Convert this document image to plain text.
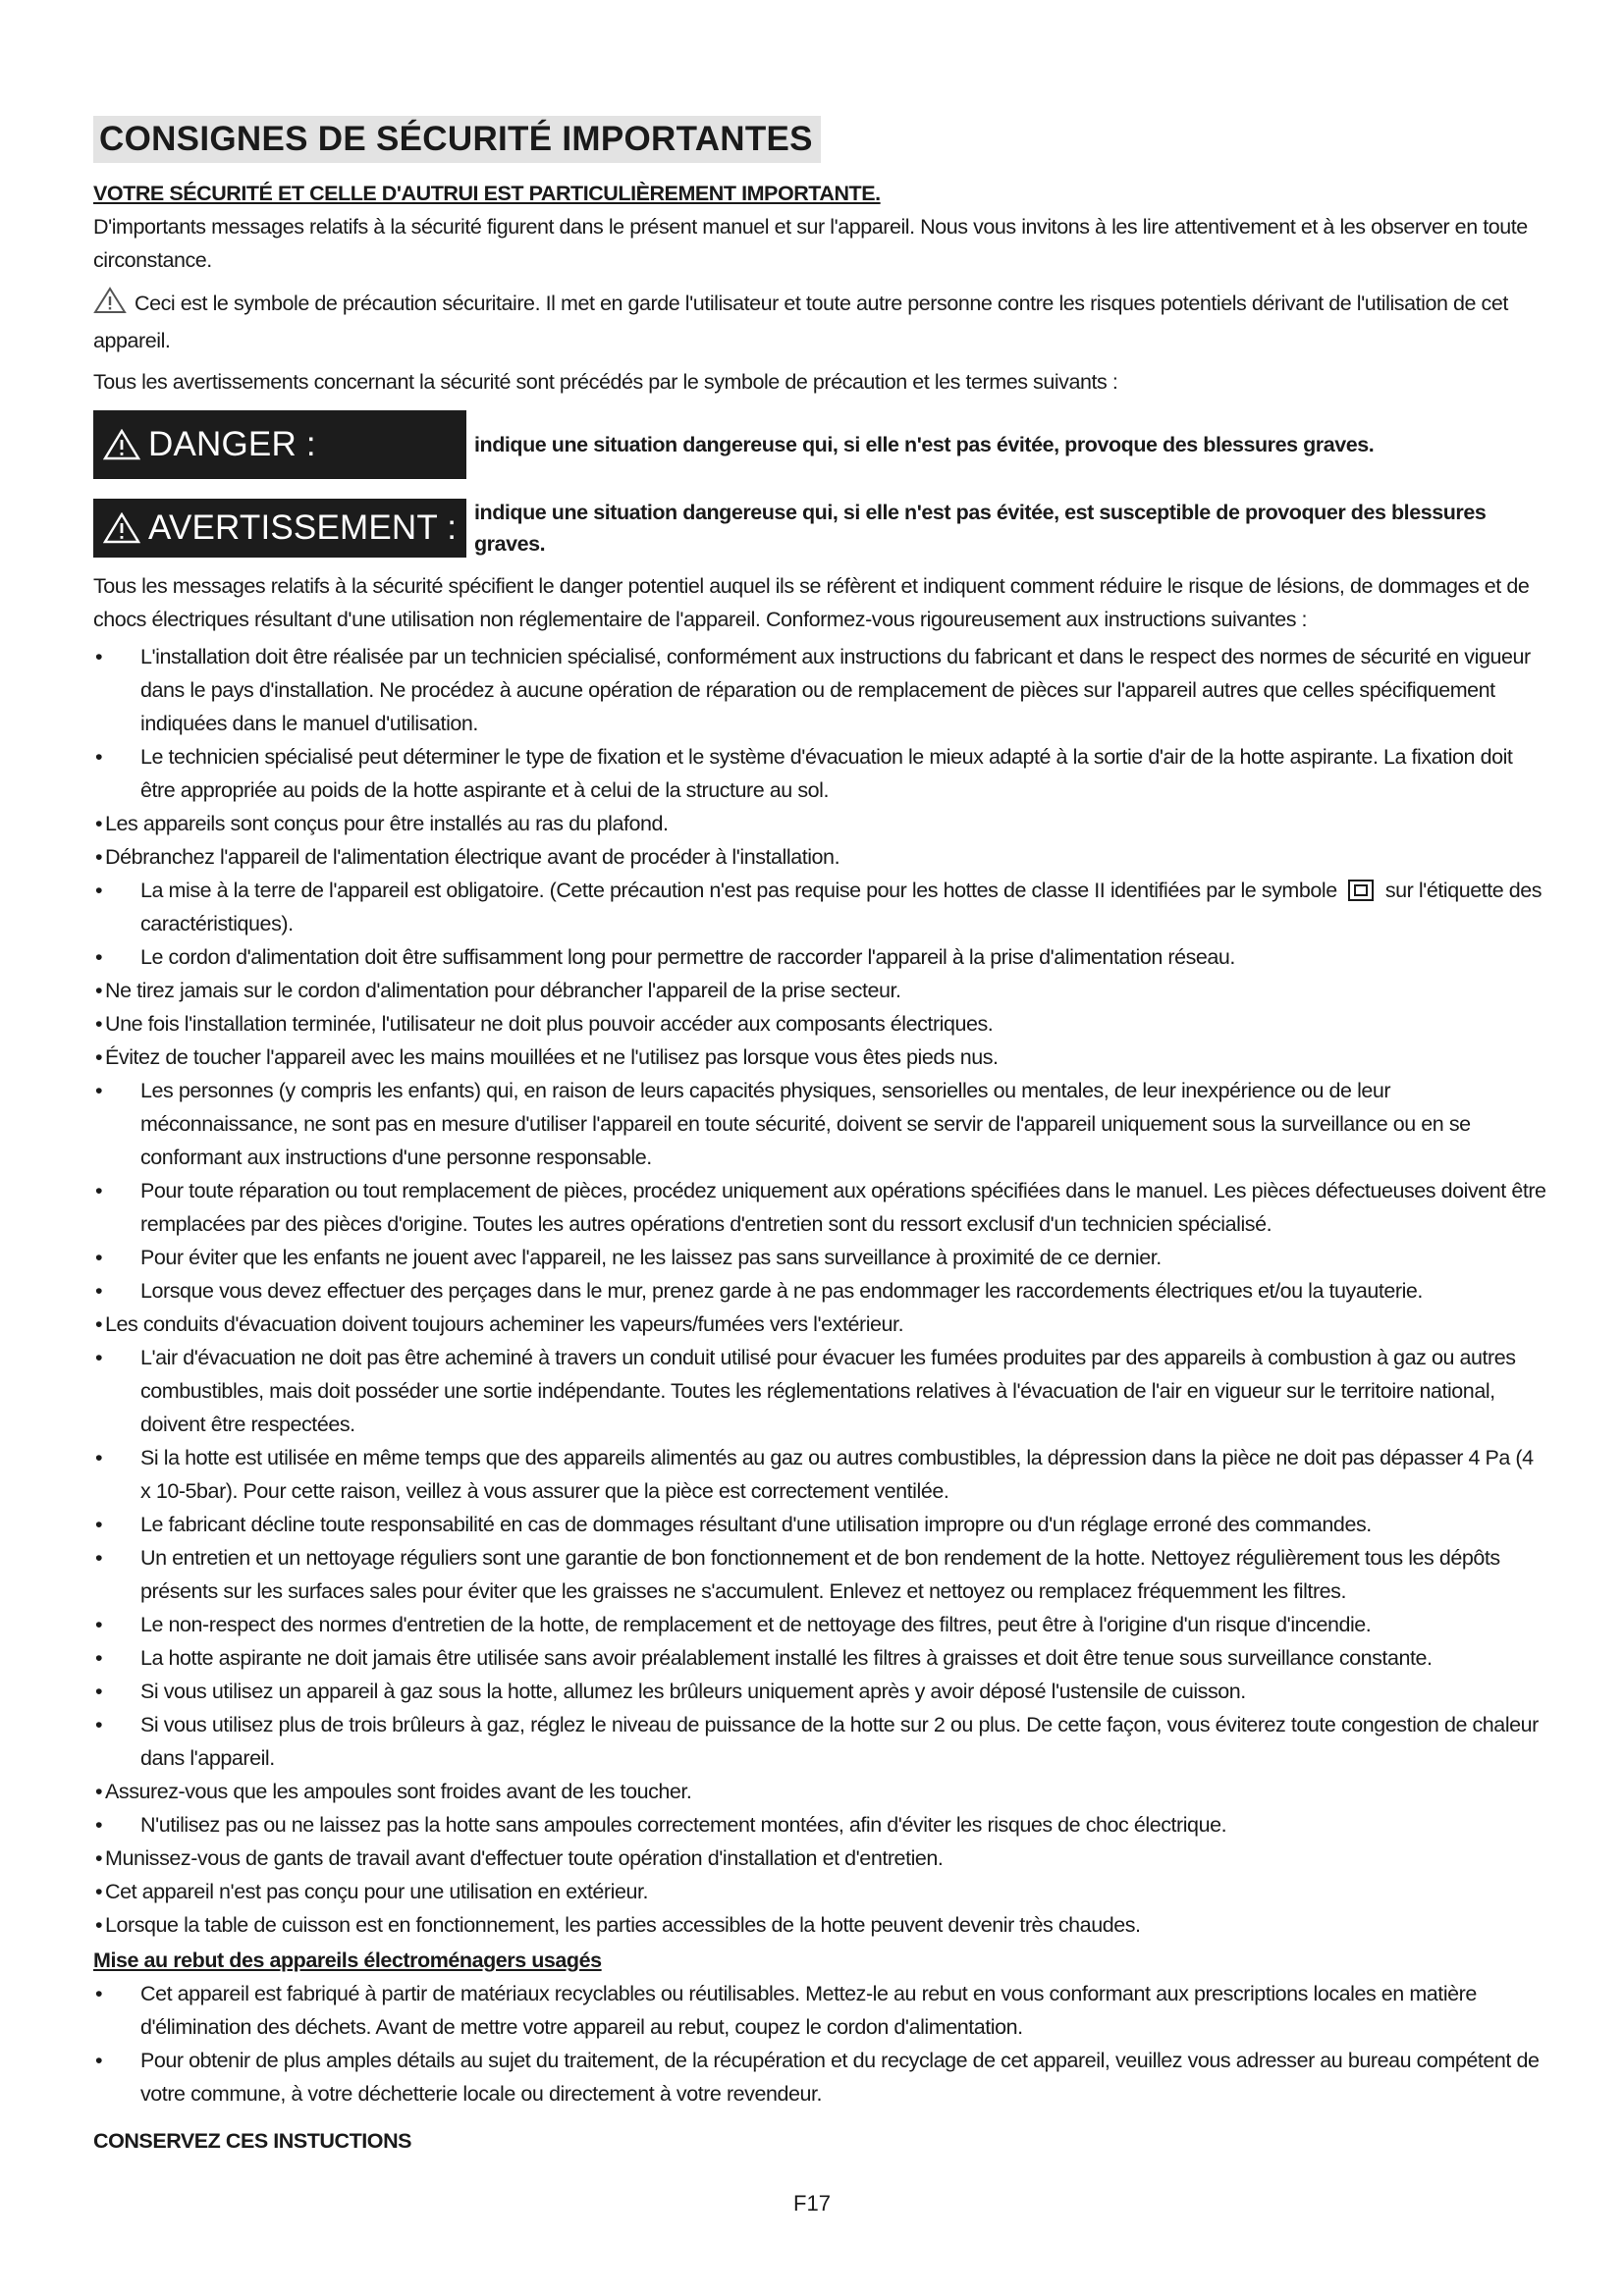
CONSIGNES DE SÉCURITÉ IMPORTANTES
VOTRE SÉCURITÉ ET CELLE D'AUTRUI EST PARTICULIÈREMENT IMPORTANTE.

D'importants messages relatifs à la sécurité figurent dans le présent manuel et sur l'appareil. Nous vous invitons à les lire attentivement et à les observer en toute circonstance.

Ceci est le symbole de précaution sécuritaire. Il met en garde l'utilisateur et toute autre personne contre les risques potentiels dérivant de l'utilisation de cet appareil.

Tous les avertissements concernant la sécurité sont précédés par le symbole de précaution et les termes suivants :

DANGER :	indique une situation dangereuse qui, si elle n'est pas évitée, provoque des blessures graves.
AVERTISSEMENT : indique une situation dangereuse qui, si elle n'est pas évitée, est susceptible de provoquer des blessures graves.

Tous les messages relatifs à la sécurité spécifient le danger potentiel auquel ils se réfèrent et indiquent comment réduire le risque de lésions, de dommages et de chocs électriques résultant d'une utilisation non réglementaire de l'appareil. Conformez-vous rigoureusement aux instructions suivantes :

• L'installation doit être réalisée par un technicien spécialisé, conformément aux instructions du fabricant et dans le respect des normes de sécurité en vigueur dans le pays d'installation. Ne procédez à aucune opération de réparation ou de remplacement de pièces sur l'appareil autres que celles spécifiquement indiquées dans le manuel d'utilisation.
• Le technicien spécialisé peut déterminer le type de fixation et le système d'évacuation le mieux adapté à la sortie d'air de la hotte aspirante. La fixation doit être appropriée au poids de la hotte aspirante et à celui de la structure au sol.
• Les appareils sont conçus pour être installés au ras du plafond.
• Débranchez l'appareil de l'alimentation électrique avant de procéder à l'installation.
• La mise à la terre de l'appareil est obligatoire. (Cette précaution n'est pas requise pour les hottes de classe II identifiées par le symbole sur l'étiquette des caractéristiques).
• Le cordon d'alimentation doit être suffisamment long pour permettre de raccorder l'appareil à la prise d'alimentation réseau.
• Ne tirez jamais sur le cordon d'alimentation pour débrancher l'appareil de la prise secteur.
• Une fois l'installation terminée, l'utilisateur ne doit plus pouvoir accéder aux composants électriques.
• Évitez de toucher l'appareil avec les mains mouillées et ne l'utilisez pas lorsque vous êtes pieds nus.
• Les personnes (y compris les enfants) qui, en raison de leurs capacités physiques, sensorielles ou mentales, de leur inexpérience ou de leur méconnaissance, ne sont pas en mesure d'utiliser l'appareil en toute sécurité, doivent se servir de l'appareil uniquement sous la surveillance ou en se conformant aux instructions d'une personne responsable.
• Pour toute réparation ou tout remplacement de pièces, procédez uniquement aux opérations spécifiées dans le manuel. Les pièces défectueuses doivent être remplacées par des pièces d'origine. Toutes les autres opérations d'entretien sont du ressort exclusif d'un technicien spécialisé.
• Pour éviter que les enfants ne jouent avec l'appareil, ne les laissez pas sans surveillance à proximité de ce dernier.
• Lorsque vous devez effectuer des perçages dans le mur, prenez garde à ne pas endommager les raccordements électriques et/ou la tuyauterie.
• Les conduits d'évacuation doivent toujours acheminer les vapeurs/fumées vers l'extérieur.
• L'air d'évacuation ne doit pas être acheminé à travers un conduit utilisé pour évacuer les fumées produites par des appareils à combustion à gaz ou autres combustibles, mais doit posséder une sortie indépendante. Toutes les réglementations relatives à l'évacuation de l'air en vigueur sur le territoire national, doivent être respectées.
• Si la hotte est utilisée en même temps que des appareils alimentés au gaz ou autres combustibles, la dépression dans la pièce ne doit pas dépasser 4 Pa (4 x 10-5bar). Pour cette raison, veillez à vous assurer que la pièce est correctement ventilée.
• Le fabricant décline toute responsabilité en cas de dommages résultant d'une utilisation impropre ou d'un réglage erroné des commandes.
• Un entretien et un nettoyage réguliers sont une garantie de bon fonctionnement et de bon rendement de la hotte. Nettoyez régulièrement tous les dépôts présents sur les surfaces sales pour éviter que les graisses ne s'accumulent. Enlevez et nettoyez ou remplacez fréquemment les filtres.
• Le non-respect des normes d'entretien de la hotte, de remplacement et de nettoyage des filtres, peut être à l'origine d'un risque d'incendie.
• La hotte aspirante ne doit jamais être utilisée sans avoir préalablement installé les filtres à graisses et doit être tenue sous surveillance constante.
• Si vous utilisez un appareil à gaz sous la hotte, allumez les brûleurs uniquement après y avoir déposé l'ustensile de cuisson.
• Si vous utilisez plus de trois brûleurs à gaz, réglez le niveau de puissance de la hotte sur 2 ou plus. De cette façon, vous éviterez toute congestion de chaleur dans l'appareil.
• Assurez-vous que les ampoules sont froides avant de les toucher.
• N'utilisez pas ou ne laissez pas la hotte sans ampoules correctement montées, afin d'éviter les risques de choc électrique.
• Munissez-vous de gants de travail avant d'effectuer toute opération d'installation et d'entretien.
• Cet appareil n'est pas conçu pour une utilisation en extérieur.
• Lorsque la table de cuisson est en fonctionnement, les parties accessibles de la hotte peuvent devenir très chaudes.
Mise au rebut des appareils électroménagers usagés
• Cet appareil est fabriqué à partir de matériaux recyclables ou réutilisables. Mettez-le au rebut en vous conformant aux prescriptions locales en matière d'élimination des déchets. Avant de mettre votre appareil au rebut, coupez le cordon d'alimentation.
• Pour obtenir de plus amples détails au sujet du traitement, de la récupération et du recyclage de cet appareil, veuillez vous adresser au bureau compétent de votre commune, à votre déchetterie locale ou directement à votre revendeur.
CONSERVEZ CES INSTUCTIONS
F17
